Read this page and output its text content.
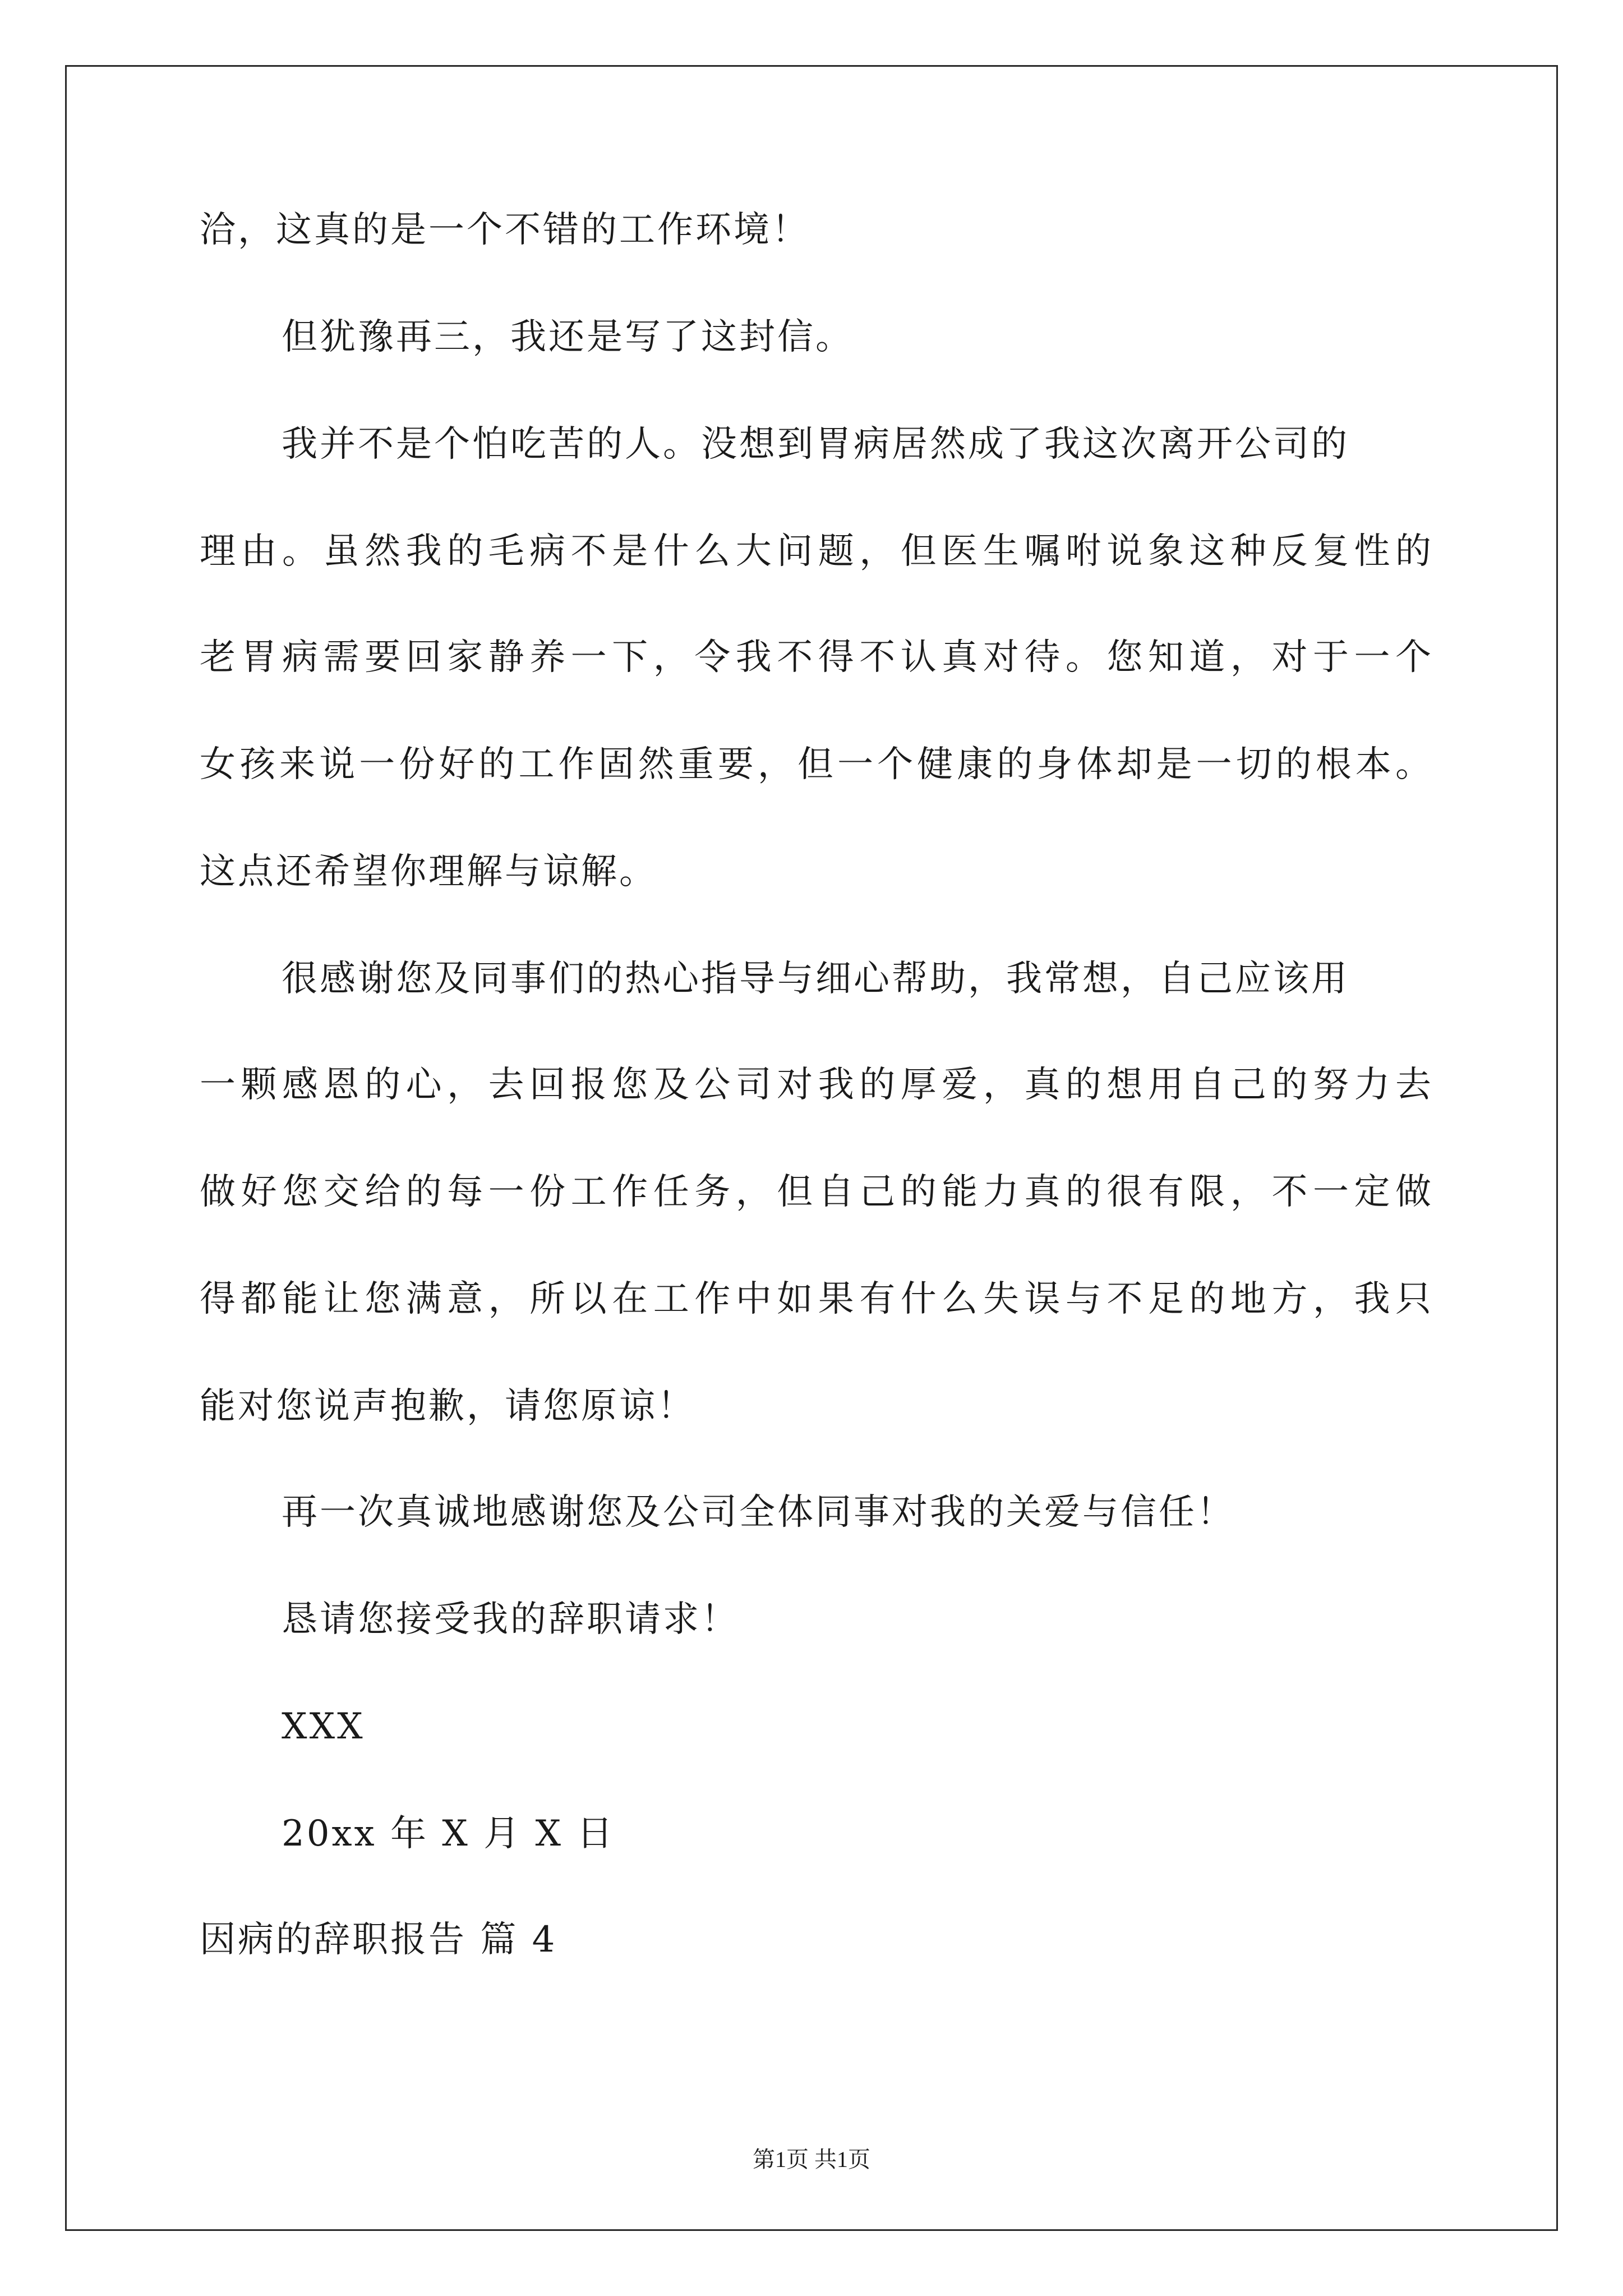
洽，这真的是一个不错的工作环境！
但犹豫再三，我还是写了这封信。
我并不是个怕吃苦的人。没想到胃病居然成了我这次离开公司的
理由。虽然我的毛病不是什么大问题，但医生嘱咐说象这种反复性的
老胃病需要回家静养一下，令我不得不认真对待。您知道，对于一个
女孩来说一份好的工作固然重要，但一个健康的身体却是一切的根本。
这点还希望你理解与谅解。
很感谢您及同事们的热心指导与细心帮助，我常想，自己应该用
一颗感恩的心，去回报您及公司对我的厚爱，真的想用自己的努力去
做好您交给的每一份工作任务，但自己的能力真的很有限，不一定做
得都能让您满意，所以在工作中如果有什么失误与不足的地方，我只
能对您说声抱歉，请您原谅！
再一次真诚地感谢您及公司全体同事对我的关爱与信任！
恳请您接受我的辞职请求！
XXX
20xx 年 X 月 X 日
因病的辞职报告 篇 4
第1页 共1页
